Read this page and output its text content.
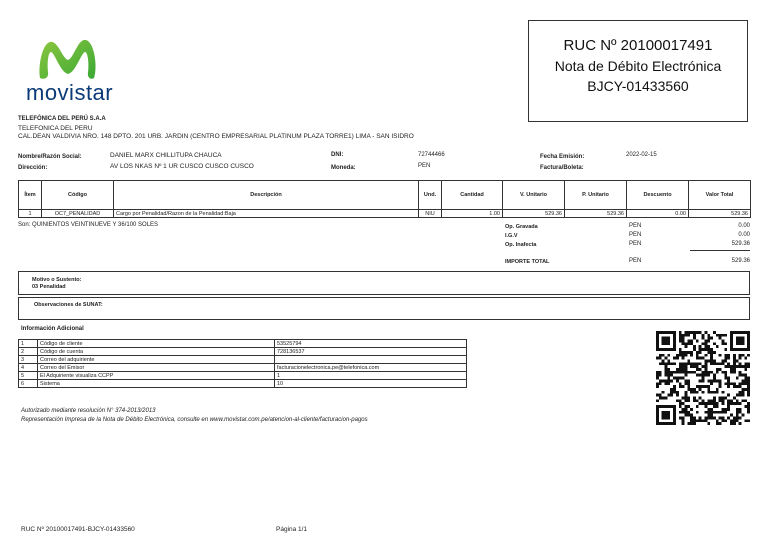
movistar
RUC Nº 20100017491
Nota de Débito Electrónica
BJCY-01433560
TELEFÓNICA DEL PERÚ S.A.A
TELEFONICA DEL PERU
CAL.DEAN VALDIVIA NRO. 148 DPTO. 201 URB. JARDIN (CENTRO EMPRESARIAL PLATINUM PLAZA TORRE1) LIMA - SAN ISIDRO
Nombre/Razón Social:	DANIEL MARX CHILLITUPA CHAUCA
Dirección:	AV LOS NKAS Nº 1 UR CUSCO CUSCO CUSCO
DNI:	72744466
Moneda:	PEN
Fecha Emisión:	2022-02-15
Factura/Boleta:
Ítem	Código	Descripción	Und.	Cantidad	V. Unitario	P. Unitario	Descuento	Valor Total
1	OC7_PENALIDAD	Cargo por Penalidad/Razon de la Penalidad:Baja	NIU	1.00	529.36	529.36	0.00	529.36
Son: QUINIENTOS VEINTINUEVE Y 36/100 SOLES	Op. Gravada	PEN	0.00
I.G.V	PEN	0.00
Op. Inafecta	PEN	529.36
IMPORTE TOTAL	PEN	529.36
Motivo o Sustento:
03 Penalidad
Observaciones de SUNAT:
Información Adicional
1	Código de cliente	53525794
2	Código de cuenta	728136537
3	Correo del adquiriente	
4	Correo del Emisor	facturacionelectronica.pe@telefonica.com
5	El Adquiriente visualiza CCPP	1
6	Sistema	10
Autorizado mediante resolución N° 374-2013/2013
Representación Impresa de la Nota de Débito Electrónica, consulte en www.movistar.com.pe/atencion-al-cliente/facturacion-pagos
RUC Nº 20100017491-BJCY-01433560	Página 1/1
